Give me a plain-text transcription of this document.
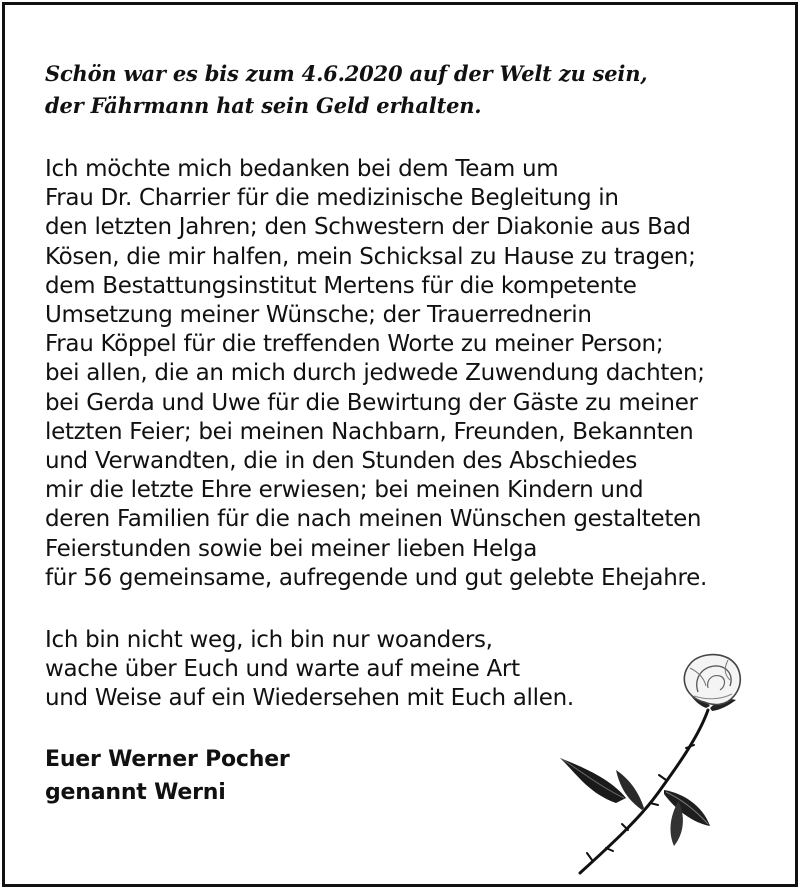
Schön war es bis zum 4.6.2020 auf der Welt zu sein,
der Fährmann hat sein Geld erhalten.

Ich möchte mich bedanken bei dem Team um
Frau Dr. Charrier für die medizinische Begleitung in
den letzten Jahren; den Schwestern der Diakonie aus Bad
Kösen, die mir halfen, mein Schicksal zu Hause zu tragen;
dem Bestattungsinstitut Mertens für die kompetente
Umsetzung meiner Wünsche; der Trauerrednerin
Frau Köppel für die treffenden Worte zu meiner Person;
bei allen, die an mich durch jedwede Zuwendung dachten;
bei Gerda und Uwe für die Bewirtung der Gäste zu meiner
letzten Feier; bei meinen Nachbarn, Freunden, Bekannten
und Verwandten, die in den Stunden des Abschiedes
mir die letzte Ehre erwiesen; bei meinen Kindern und
deren Familien für die nach meinen Wünschen gestalteten
Feierstunden sowie bei meiner lieben Helga
für 56 gemeinsame, aufregende und gut gelebte Ehejahre.

Ich bin nicht weg, ich bin nur woanders,
wache über Euch und warte auf meine Art
und Weise auf ein Wiedersehen mit Euch allen.

Euer Werner Pocher
genannt Werni
